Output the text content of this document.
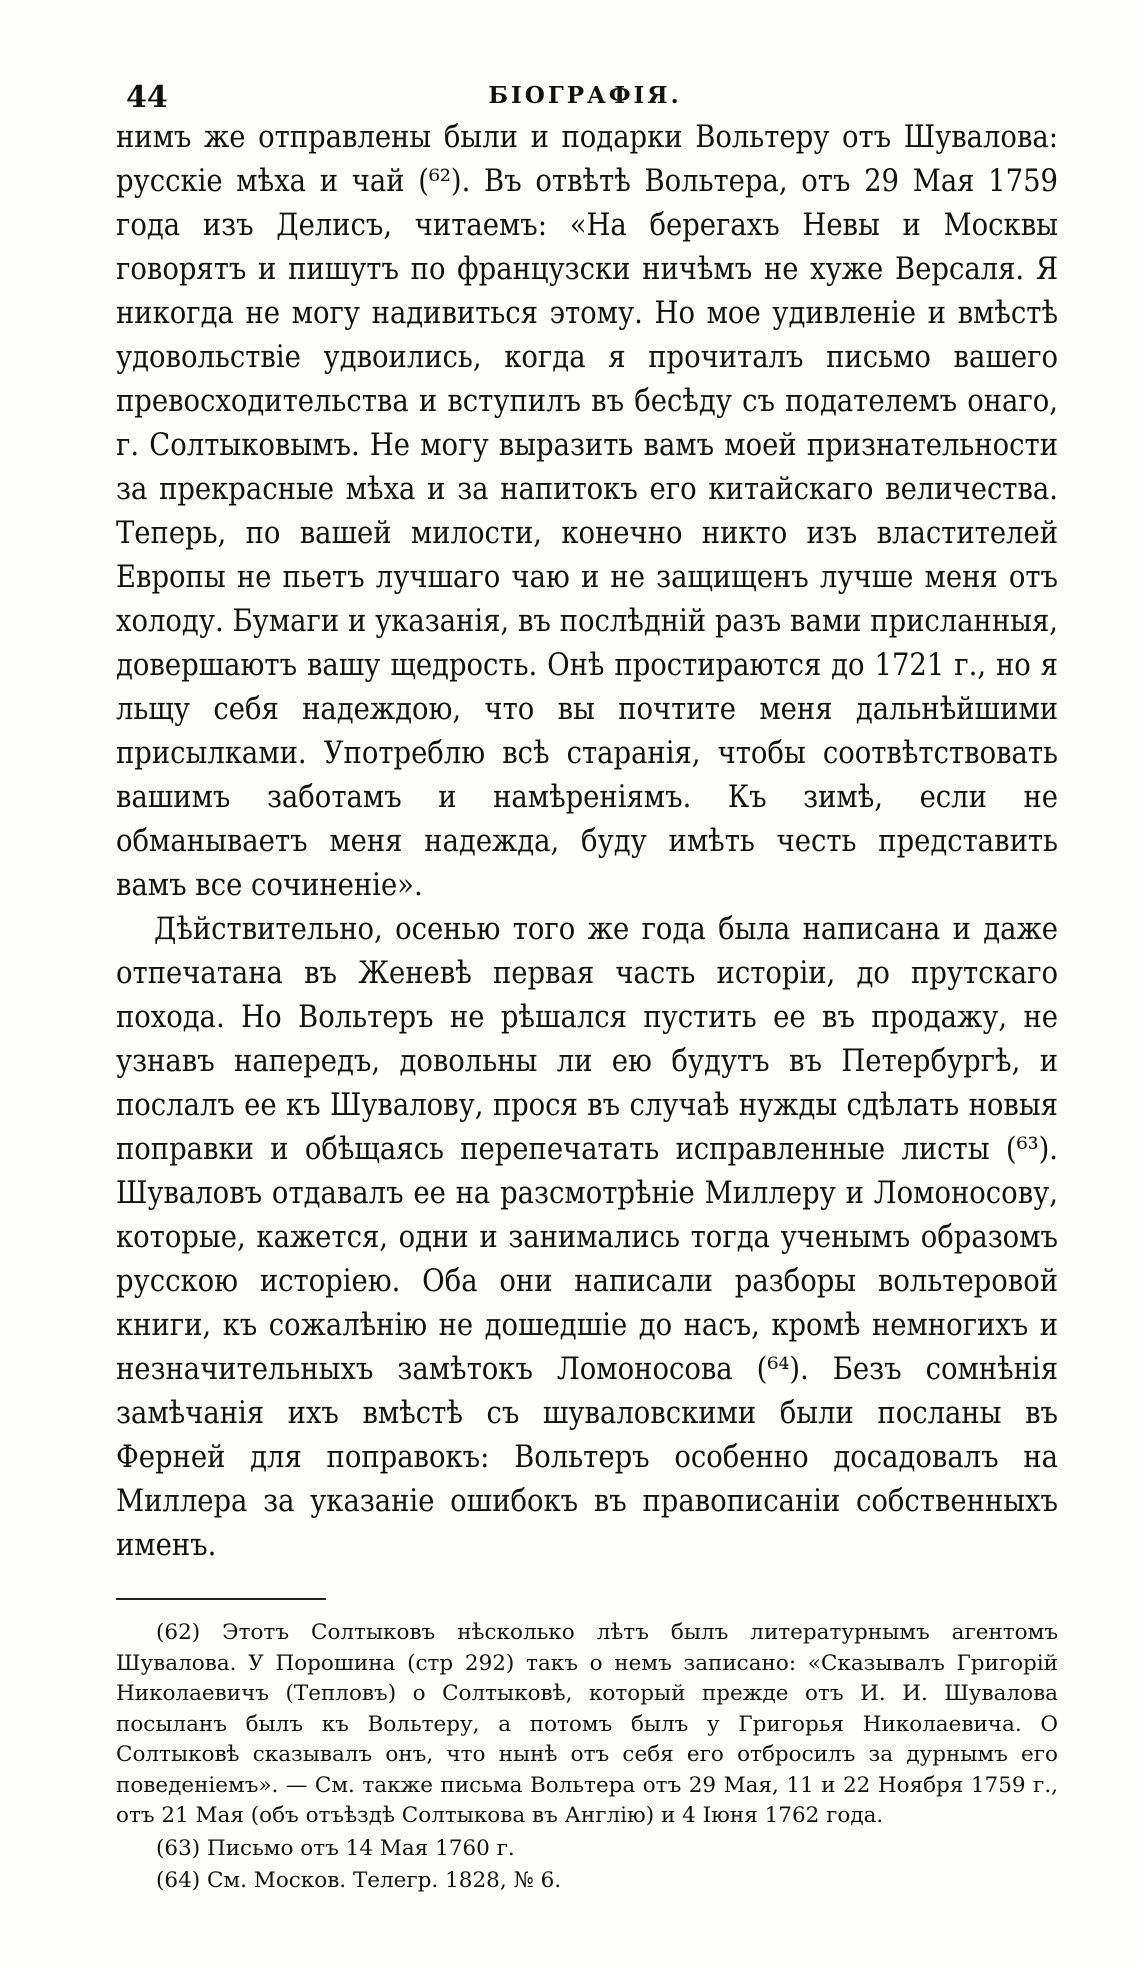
44	БІОГРАФІЯ.

нимъ же отправлены были и подарки Вольтеру отъ Шувалова: русскіе мѣха и чай (⁶²). Въ отвѣтѣ Вольтера, отъ 29 Мая 1759 года изъ Делисъ, читаемъ: «На берегахъ Невы и Москвы говорятъ и пишутъ по французски ничѣмъ не хуже Версаля. Я никогда не могу надивиться этому. Но мое удивленіе и вмѣстѣ удовольствіе удвоились, когда я прочиталъ письмо вашего превосходительства и вступилъ въ бесѣду съ подателемъ онаго, г. Солтыковымъ. Не могу выразить вамъ моей признательности за прекрасные мѣха и за напитокъ его китайскаго величества. Теперь, по вашей милости, конечно никто изъ властителей Европы не пьетъ лучшаго чаю и не защищенъ лучше меня отъ холоду. Бумаги и указанія, въ послѣдній разъ вами присланныя, довершаютъ вашу щедрость. Онѣ простираются до 1721 г., но я льщу себя надеждою, что вы почтите меня дальнѣйшими присылками. Употреблю всѣ старанія, чтобы соотвѣтствовать вашимъ заботамъ и намѣреніямъ. Къ зимѣ, если не обманываетъ меня надежда, буду имѣть честь представить вамъ все сочиненіе».

Дѣйствительно, осенью того же года была написана и даже отпечатана въ Женевѣ первая часть исторіи, до прутскаго похода. Но Вольтеръ не рѣшался пустить ее въ продажу, не узнавъ напередъ, довольны ли ею будутъ въ Петербургѣ, и послалъ ее къ Шувалову, прося въ случаѣ нужды сдѣлать новыя поправки и обѣщаясь перепечатать исправленные листы (⁶³). Шуваловъ отдавалъ ее на разсмотрѣніе Миллеру и Ломоносову, которые, кажется, одни и занимались тогда ученымъ образомъ русскою исторіею. Оба они написали разборы вольтеровой книги, къ сожалѣнію не дошедшіе до насъ, кромѣ немногихъ и незначительныхъ замѣтокъ Ломоносова (⁶⁴). Безъ сомнѣнія замѣчанія ихъ вмѣстѣ съ шуваловскими были посланы въ Ферней для поправокъ: Вольтеръ особенно досадовалъ на Миллера за указаніе ошибокъ въ правописаніи собственныхъ именъ.

(62) Этотъ Солтыковъ нѣсколько лѣтъ былъ литературнымъ агентомъ Шувалова. У Порошина (стр 292) такъ о немъ записано: «Сказывалъ Григорій Николаевичъ (Тепловъ) о Солтыковѣ, который прежде отъ И. И. Шувалова посыланъ былъ къ Вольтеру, а потомъ былъ у Григорья Николаевича. О Солтыковѣ сказывалъ онъ, что нынѣ отъ себя его отбросилъ за дурнымъ его поведеніемъ». — См. также письма Вольтера отъ 29 Мая, 11 и 22 Ноября 1759 г., отъ 21 Мая (объ отъѣздѣ Солтыкова въ Англію) и 4 Іюня 1762 года.

(63) Письмо отъ 14 Мая 1760 г.

(64) См. Москов. Телегр. 1828, № 6.
